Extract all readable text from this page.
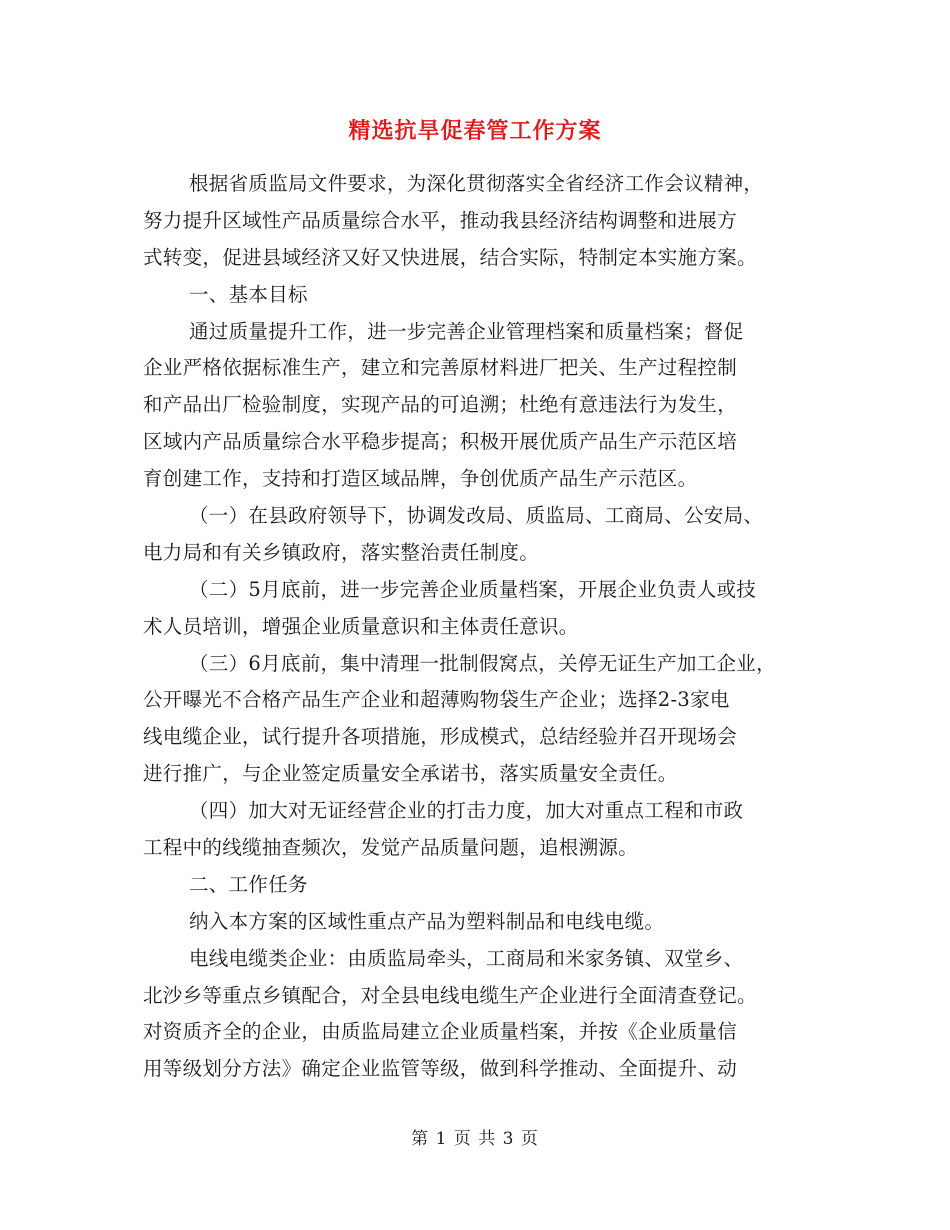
精选抗旱促春管工作方案
根据省质监局文件要求，为深化贯彻落实全省经济工作会议精神，
努力提升区域性产品质量综合水平，推动我县经济结构调整和进展方
式转变，促进县域经济又好又快进展，结合实际，特制定本实施方案。
一、基本目标
通过质量提升工作，进一步完善企业管理档案和质量档案；督促
企业严格依据标准生产，建立和完善原材料进厂把关、生产过程控制
和产品出厂检验制度，实现产品的可追溯；杜绝有意违法行为发生，
区域内产品质量综合水平稳步提高；积极开展优质产品生产示范区培
育创建工作，支持和打造区域品牌，争创优质产品生产示范区。
（一）在县政府领导下，协调发改局、质监局、工商局、公安局、
电力局和有关乡镇政府，落实整治责任制度。
（二）5月底前，进一步完善企业质量档案，开展企业负责人或技
术人员培训，增强企业质量意识和主体责任意识。
（三）6月底前，集中清理一批制假窝点，关停无证生产加工企业，
公开曝光不合格产品生产企业和超薄购物袋生产企业；选择2-3家电
线电缆企业，试行提升各项措施，形成模式，总结经验并召开现场会
进行推广，与企业签定质量安全承诺书，落实质量安全责任。
（四）加大对无证经营企业的打击力度，加大对重点工程和市政
工程中的线缆抽查频次，发觉产品质量问题，追根溯源。
二、工作任务
纳入本方案的区域性重点产品为塑料制品和电线电缆。
电线电缆类企业：由质监局牵头，工商局和米家务镇、双堂乡、
北沙乡等重点乡镇配合，对全县电线电缆生产企业进行全面清查登记。
对资质齐全的企业，由质监局建立企业质量档案，并按《企业质量信
用等级划分方法》确定企业监管等级，做到科学推动、全面提升、动
第 1 页 共 3 页
